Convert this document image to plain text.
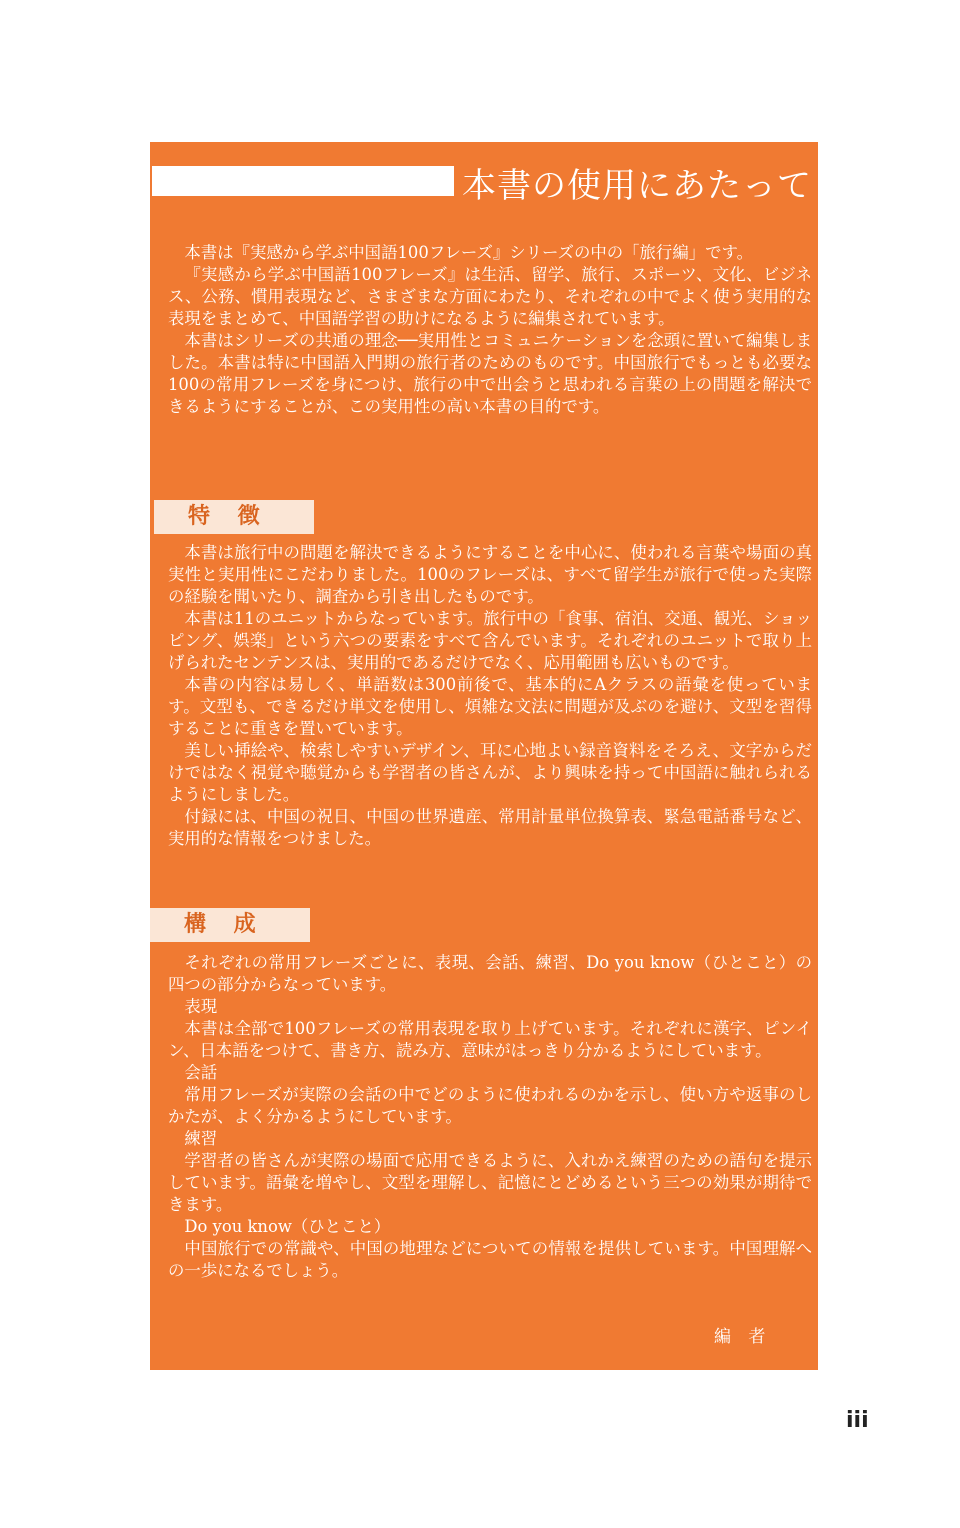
本書の使用にあたって

本書は『実感から学ぶ中国語100フレーズ』シリーズの中の「旅行編」です。

『実感から学ぶ中国語100フレーズ』は生活、留学、旅行、スポーツ、文化、ビジネス、公務、慣用表現など、さまざまな方面にわたり、それぞれの中でよく使う実用的な表現をまとめて、中国語学習の助けになるように編集されています。

本書はシリーズの共通の理念──実用性とコミュニケーションを念頭に置いて編集しました。本書は特に中国語入門期の旅行者のためのものです。中国旅行でもっとも必要な100の常用フレーズを身につけ、旅行の中で出会うと思われる言葉の上の問題を解決できるようにすることが、この実用性の高い本書の目的です。

特 徴

本書は旅行中の問題を解決できるようにすることを中心に、使われる言葉や場面の真実性と実用性にこだわりました。100のフレーズは、すべて留学生が旅行で使った実際の経験を聞いたり、調査から引き出したものです。

本書は11のユニットからなっています。旅行中の「食事、宿泊、交通、観光、ショッピング、娯楽」という六つの要素をすべて含んでいます。それぞれのユニットで取り上げられたセンテンスは、実用的であるだけでなく、応用範囲も広いものです。

本書の内容は易しく、単語数は300前後で、基本的にAクラスの語彙を使っています。文型も、できるだけ単文を使用し、煩雑な文法に問題が及ぶのを避け、文型を習得することに重きを置いています。

美しい挿絵や、検索しやすいデザイン、耳に心地よい録音資料をそろえ、文字からだけではなく視覚や聴覚からも学習者の皆さんが、より興味を持って中国語に触れられるようにしました。

付録には、中国の祝日、中国の世界遺産、常用計量単位換算表、緊急電話番号など、実用的な情報をつけました。

構 成

それぞれの常用フレーズごとに、表現、会話、練習、Do you know（ひとこと）の四つの部分からなっています。

表現

本書は全部で100フレーズの常用表現を取り上げています。それぞれに漢字、ピンイン、日本語をつけて、書き方、読み方、意味がはっきり分かるようにしています。

会話

常用フレーズが実際の会話の中でどのように使われるのかを示し、使い方や返事のしかたが、よく分かるようにしています。

練習

学習者の皆さんが実際の場面で応用できるように、入れかえ練習のための語句を提示しています。語彙を増やし、文型を理解し、記憶にとどめるという三つの効果が期待できます。

Do you know（ひとこと）

中国旅行での常識や、中国の地理などについての情報を提供しています。中国理解への一歩になるでしょう。

編 者
iii
